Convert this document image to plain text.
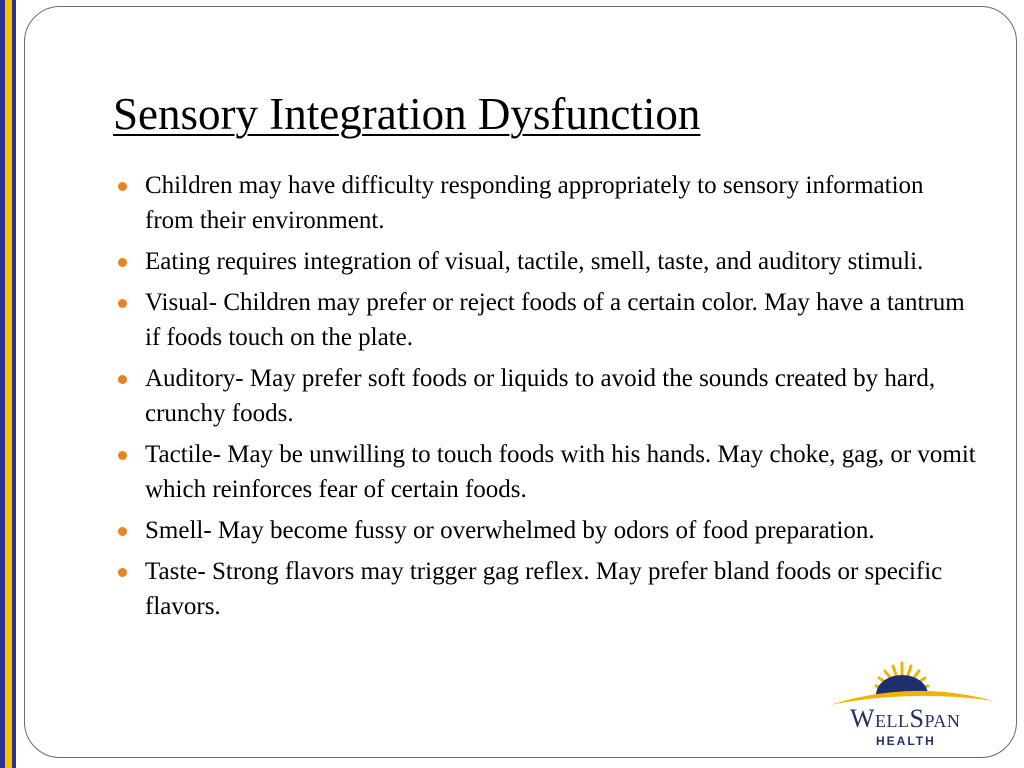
Sensory Integration Dysfunction
Children may have difficulty responding appropriately to sensory information from their environment.
Eating requires integration of visual, tactile, smell, taste, and auditory stimuli.
Visual- Children may prefer or reject foods of a certain color. May have a tantrum if foods touch on the plate.
Auditory- May prefer soft foods or liquids to avoid the sounds created by hard, crunchy foods.
Tactile- May be unwilling to touch foods with his hands. May choke, gag, or vomit which reinforces fear of certain foods.
Smell- May become fussy or overwhelmed by odors of food preparation.
Taste- Strong flavors may trigger gag reflex. May prefer bland foods or specific flavors.
WellSpan
HEALTH
